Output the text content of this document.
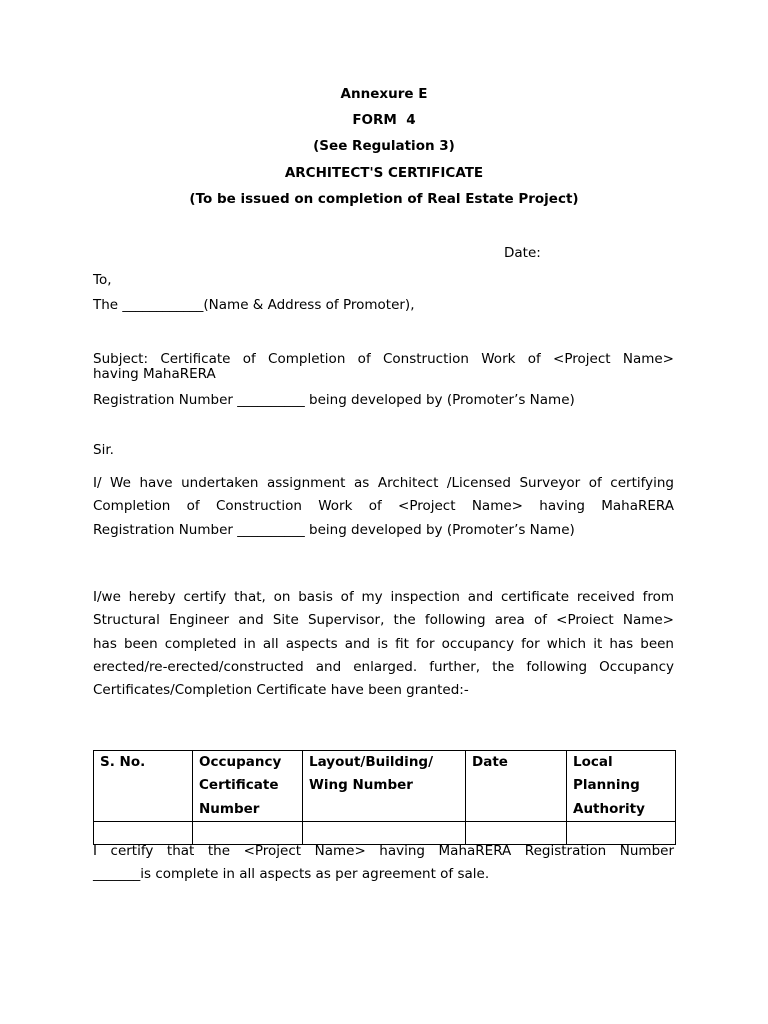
Annexure E
FORM  4
(See Regulation 3)
ARCHITECT'S CERTIFICATE
(To be issued on completion of Real Estate Project)
Date:
To,
The ____________(Name & Address of Promoter),
Subject: Certificate of Completion of Construction Work of <Project Name>
having MahaRERA
Registration Number __________ being developed by (Promoter’s Name)
Sir.
I/ We have undertaken assignment as Architect /Licensed Surveyor of certifying
Completion of Construction Work of <Project Name> having MahaRERA
Registration Number __________ being developed by (Promoter’s Name)
I/we hereby certify that, on basis of my inspection and certificate received from
Structural Engineer and Site Supervisor, the following area of <Proiect Name>
has been completed in all aspects and is fit for occupancy for which it has been
erected/re-erected/constructed and enlarged. further, the following Occupancy
Certificates/Completion Certificate have been granted:-
S. No.	Occupancy Certificate Number	Layout/Building/ Wing Number	Date	Local Planning Authority

I certify that the <Project Name> having MahaRERA Registration Number
_______is complete in all aspects as per agreement of sale.
